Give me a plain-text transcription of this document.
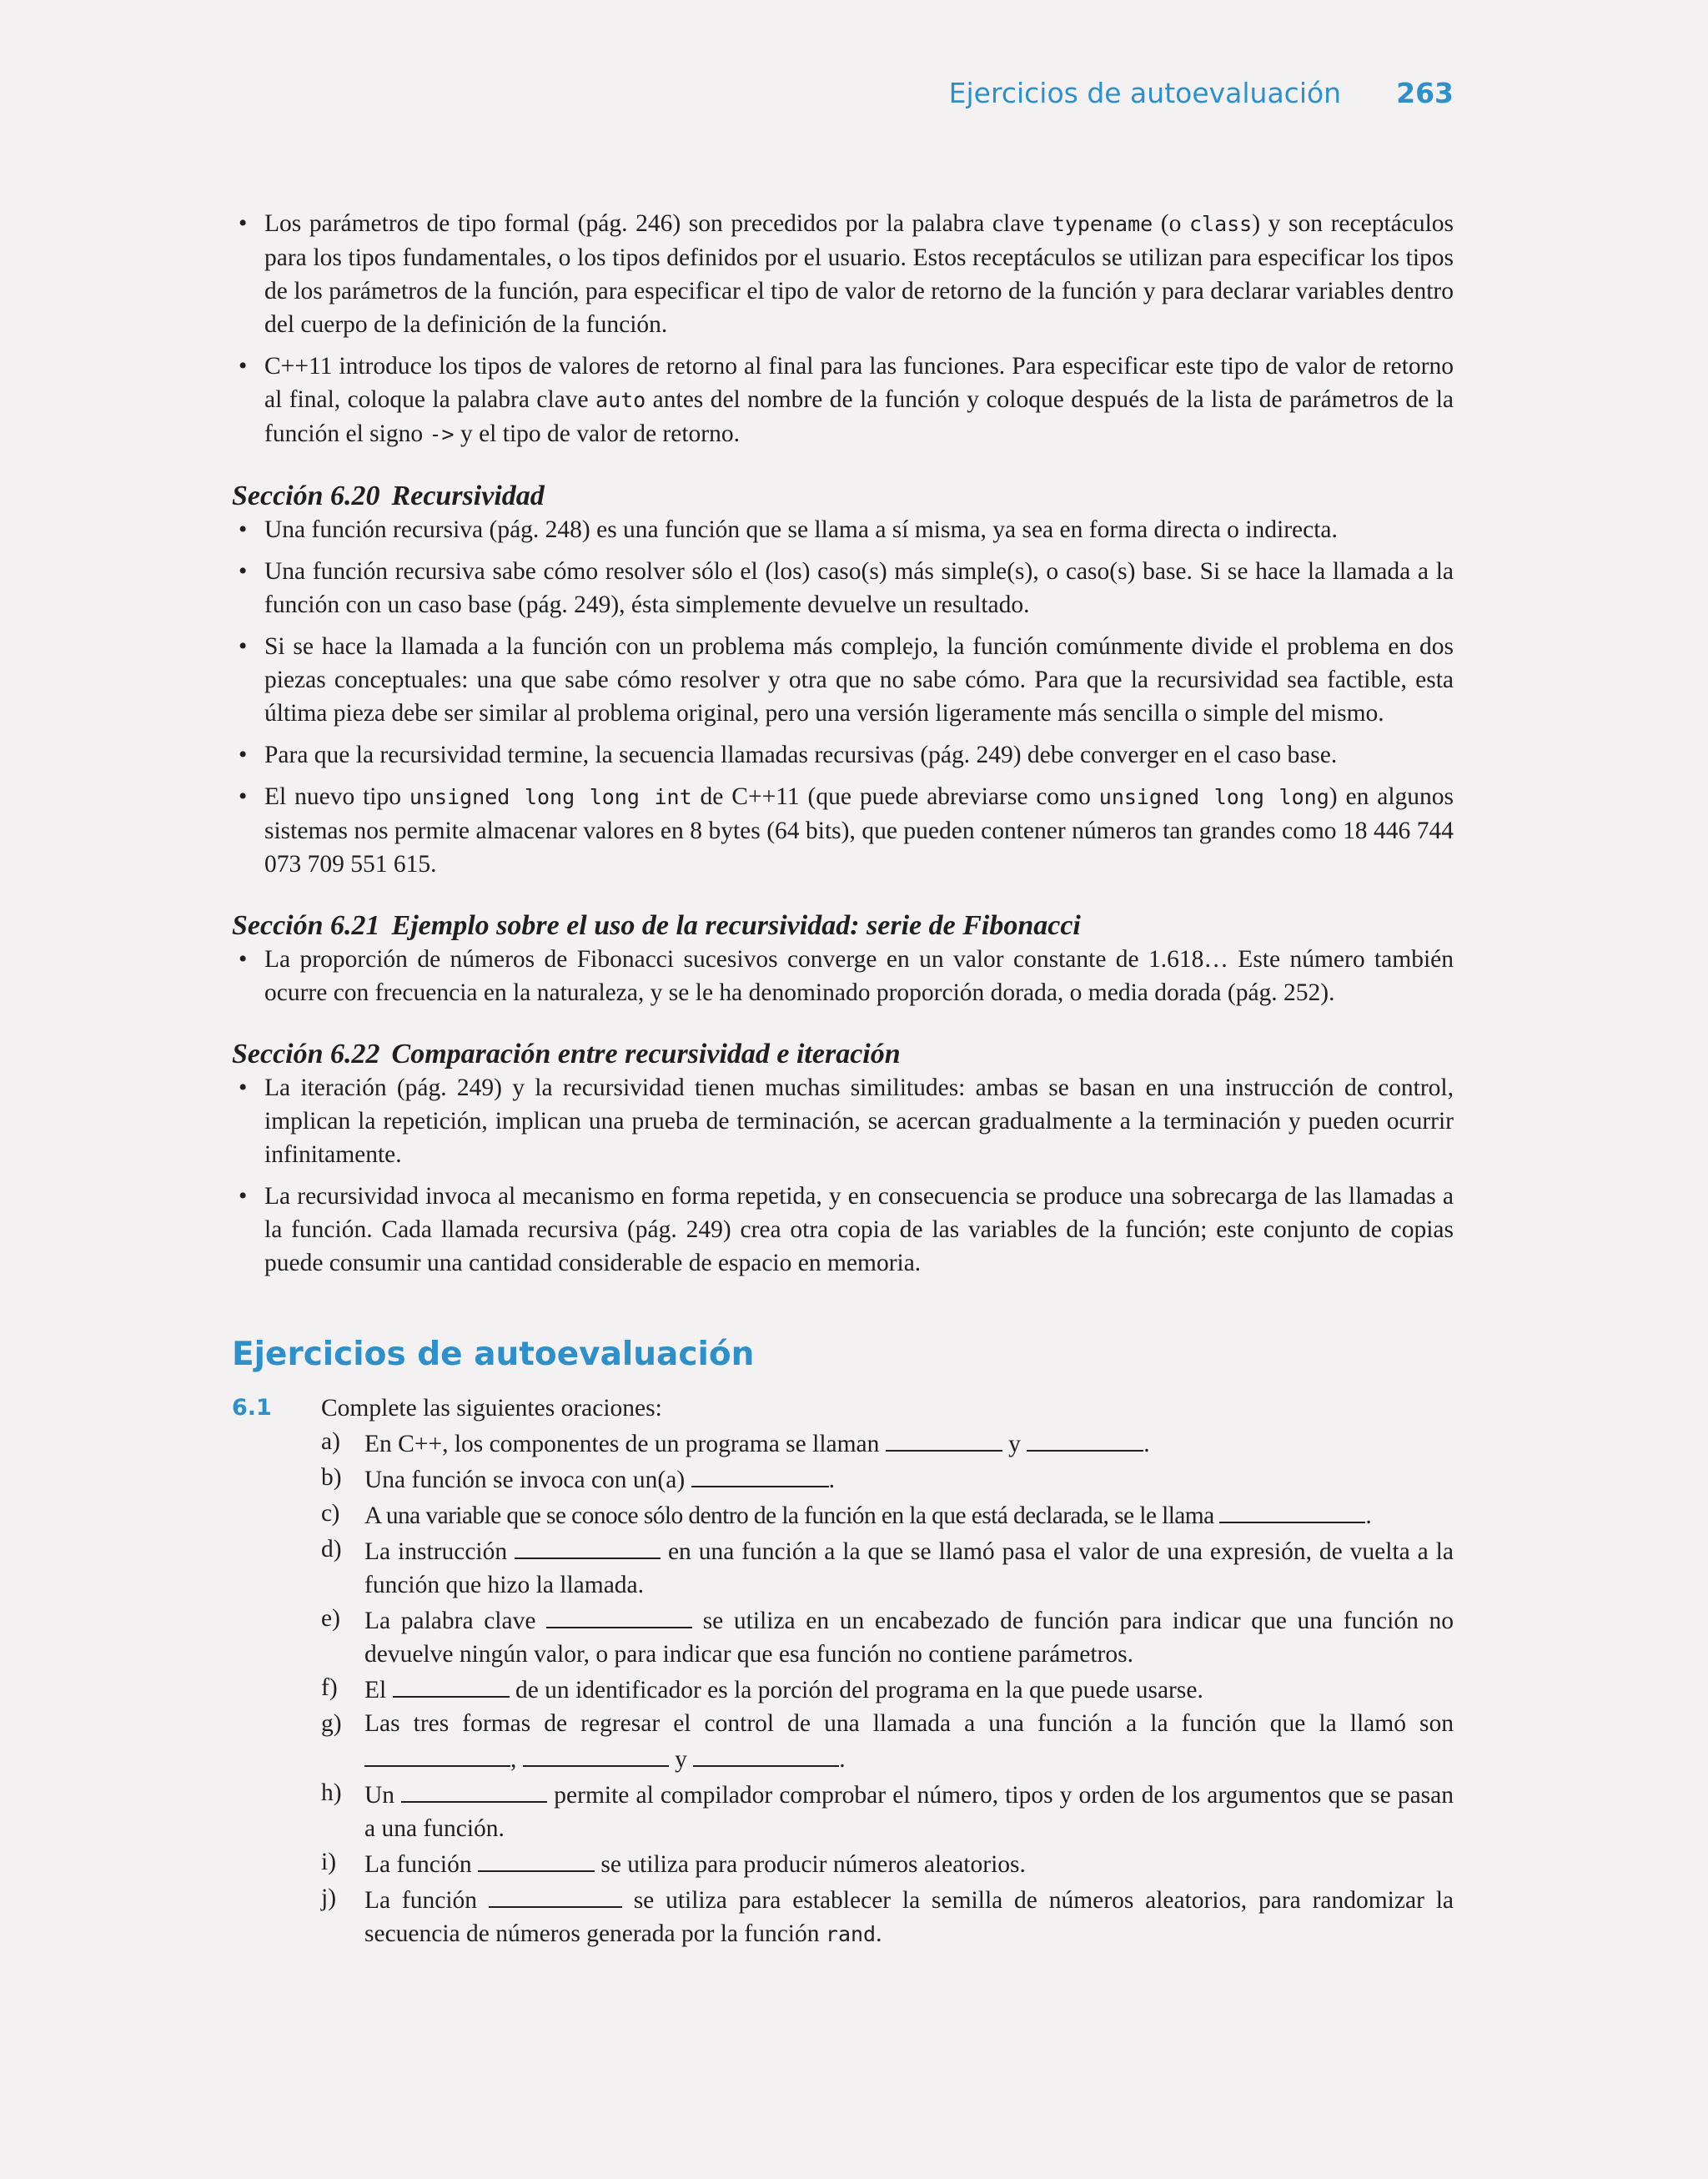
Ejercicios de autoevaluación 263
• Los parámetros de tipo formal (pág. 246) son precedidos por la palabra clave typename (o class) y son receptáculos para los tipos fundamentales, o los tipos definidos por el usuario. Estos receptáculos se utilizan para especificar los tipos de los parámetros de la función, para especificar el tipo de valor de retorno de la función y para declarar variables dentro del cuerpo de la definición de la función.
• C++11 introduce los tipos de valores de retorno al final para las funciones. Para especificar este tipo de valor de retorno al final, coloque la palabra clave auto antes del nombre de la función y coloque después de la lista de parámetros de la función el signo -> y el tipo de valor de retorno.
Sección 6.20 Recursividad
• Una función recursiva (pág. 248) es una función que se llama a sí misma, ya sea en forma directa o indirecta.
• Una función recursiva sabe cómo resolver sólo el (los) caso(s) más simple(s), o caso(s) base. Si se hace la llamada a la función con un caso base (pág. 249), ésta simplemente devuelve un resultado.
• Si se hace la llamada a la función con un problema más complejo, la función comúnmente divide el problema en dos piezas conceptuales: una que sabe cómo resolver y otra que no sabe cómo. Para que la recursividad sea factible, esta última pieza debe ser similar al problema original, pero una versión ligeramente más sencilla o simple del mismo.
• Para que la recursividad termine, la secuencia llamadas recursivas (pág. 249) debe converger en el caso base.
• El nuevo tipo unsigned long long int de C++11 (que puede abreviarse como unsigned long long) en algunos sistemas nos permite almacenar valores en 8 bytes (64 bits), que pueden contener números tan grandes como 18 446 744 073 709 551 615.
Sección 6.21 Ejemplo sobre el uso de la recursividad: serie de Fibonacci
• La proporción de números de Fibonacci sucesivos converge en un valor constante de 1.618… Este número también ocurre con frecuencia en la naturaleza, y se le ha denominado proporción dorada, o media dorada (pág. 252).
Sección 6.22 Comparación entre recursividad e iteración
• La iteración (pág. 249) y la recursividad tienen muchas similitudes: ambas se basan en una instrucción de control, implican la repetición, implican una prueba de terminación, se acercan gradualmente a la terminación y pueden ocurrir infinitamente.
• La recursividad invoca al mecanismo en forma repetida, y en consecuencia se produce una sobrecarga de las llamadas a la función. Cada llamada recursiva (pág. 249) crea otra copia de las variables de la función; este conjunto de copias puede consumir una cantidad considerable de espacio en memoria.
Ejercicios de autoevaluación
6.1 Complete las siguientes oraciones:
a) En C++, los componentes de un programa se llaman	y	.
b) Una función se invoca con un(a)	.
c) A una variable que se conoce sólo dentro de la función en la que está declarada, se le llama	.
d) La instrucción	en una función a la que se llamó pasa el valor de una expresión, de vuelta a la función que hizo la llamada.
e) La palabra clave	se utiliza en un encabezado de función para indicar que una función no devuelve ningún valor, o para indicar que esa función no contiene parámetros.
f) El	de un identificador es la porción del programa en la que puede usarse.
g) Las tres formas de regresar el control de una llamada a una función a la función que la llamó son ,	y	.
h) Un	permite al compilador comprobar el número, tipos y orden de los argumentos que se pasan a una función.
i) La función	se utiliza para producir números aleatorios.
j) La función	se utiliza para establecer la semilla de números aleatorios, para randomizar la secuencia de números generada por la función rand.
